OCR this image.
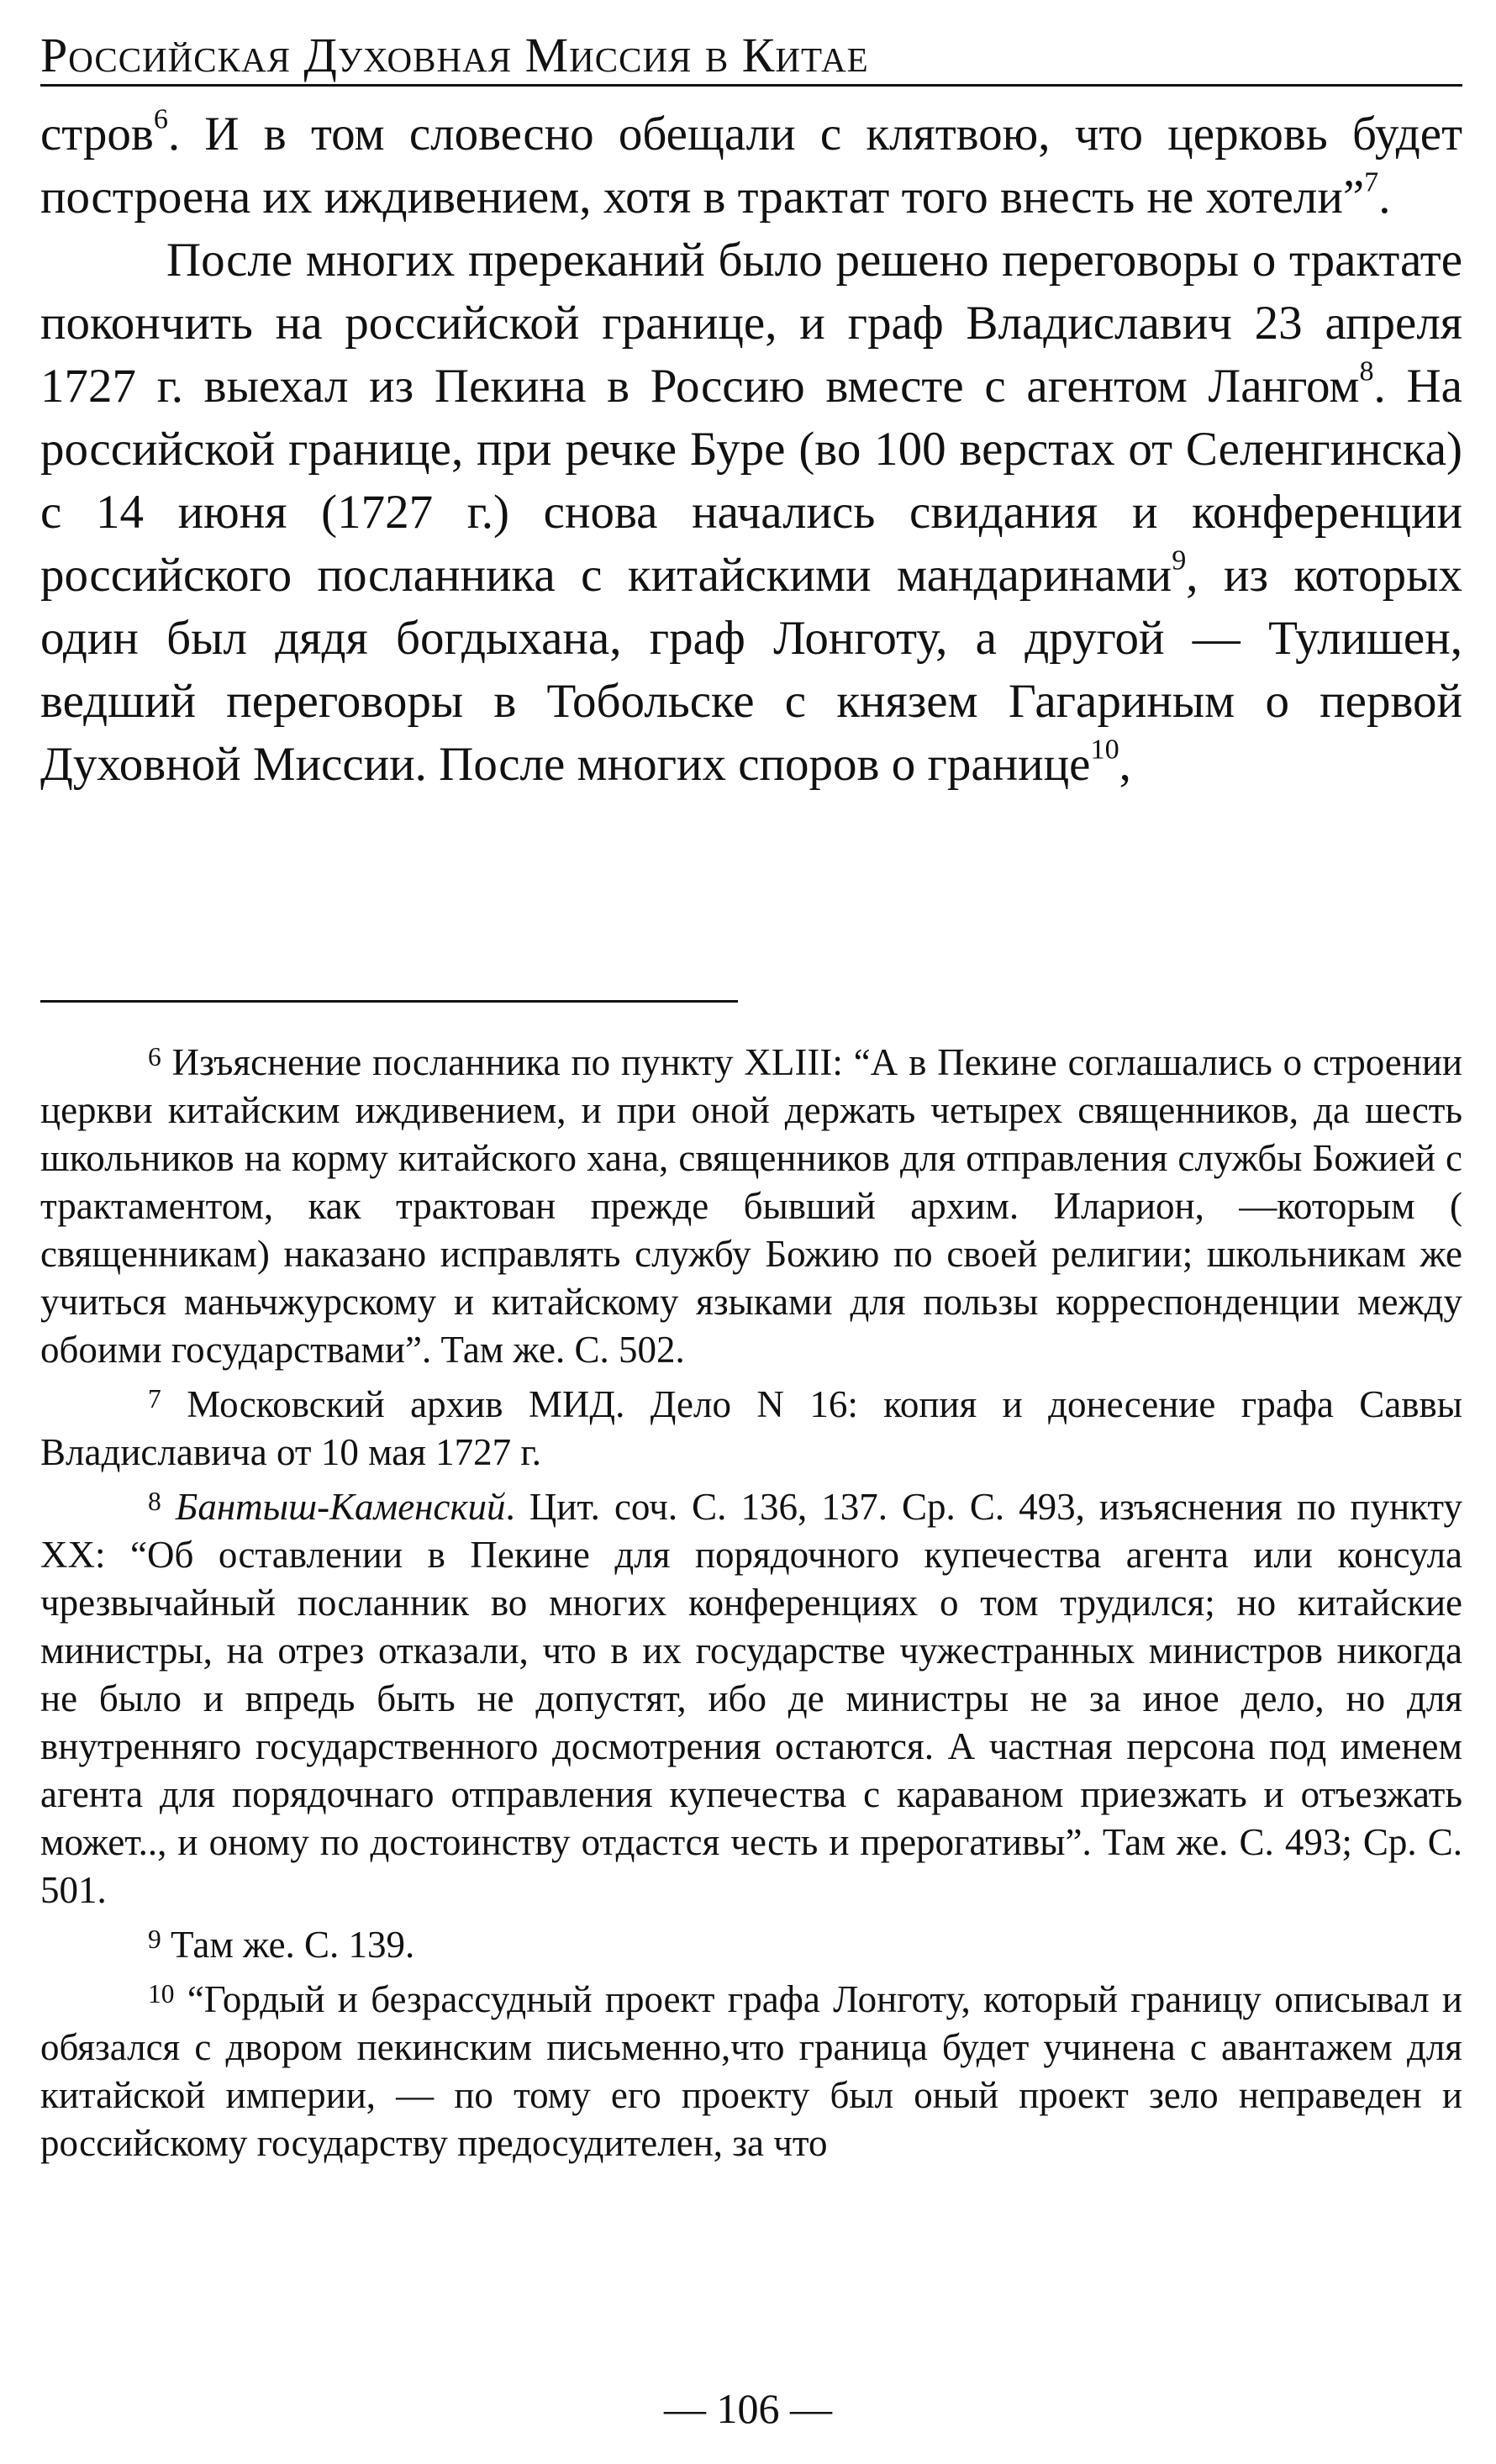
Российская Духовная Миссия в Китае

стров$^6$. И в том словесно обещали с клятвою, что церковь будет построена их иждивением, хотя в трактат того внесть не хотели”$^7$.

После многих пререканий было решено переговоры о трактате покончить на российской границе, и граф Владиславич 23 апреля 1727 г. выехал из Пекина в Россию вместе с агентом Лангом$^8$. На российской границе, при речке Буре (во 100 верстах от Селенгинска) с 14 июня (1727 г.) снова начались свидания и конференции российского посланника с китайскими мандаринами$^9$, из которых один был дядя богдыхана, граф Лонготу, а другой — Тулишен, ведший переговоры в Тобольске с князем Гагариным о первой Духовной Миссии. После многих споров о границе$^{10}$,

$^6$ Изъяснение посланника по пункту XLIII: “А в Пекине соглашались о строении церкви китайским иждивением, и при оной держать четырех священников, да шесть школьников на корму китайского хана, священников для отправления службы Божией с трактаментом, как трактован прежде бывший архим. Иларион, —которым ( священникам) наказано исправлять службу Божию по своей религии; школьникам же учиться маньчжурскому и китайскому языками для пользы корреспонденции между обоими государствами”. Там же. С. 502.

$^7$ Московский архив МИД. Дело N 16: копия и донесение графа Саввы Владиславича от 10 мая 1727 г.

$^8$ Бантыш-Каменский. Цит. соч. С. 136, 137. Ср. С. 493, изъяснения по пункту XX: “Об оставлении в Пекине для порядочного купечества агента или консула чрезвычайный посланник во многих конференциях о том трудился; но китайские министры, на отрез отказали, что в их государстве чужестранных министров никогда не было и впредь быть не допустят, ибо де министры не за иное дело, но для внутренняго государственного досмотрения остаются. А частная персона под именем агента для порядочнаго отправления купечества с караваном приезжать и отъезжать может.., и оному по достоинству отдастся честь и прерогативы”. Там же. С. 493; Ср. С. 501.

$^9$ Там же. С. 139.

$^{10}$ “Гордый и безрассудный проект графа Лонготу, который границу описывал и обязался с двором пекинским письменно,что граница будет учинена с авантажем для китайской империи, — по тому его проекту был оный проект зело неправеден и российскому государству предосудителен, за что

— 106 —
